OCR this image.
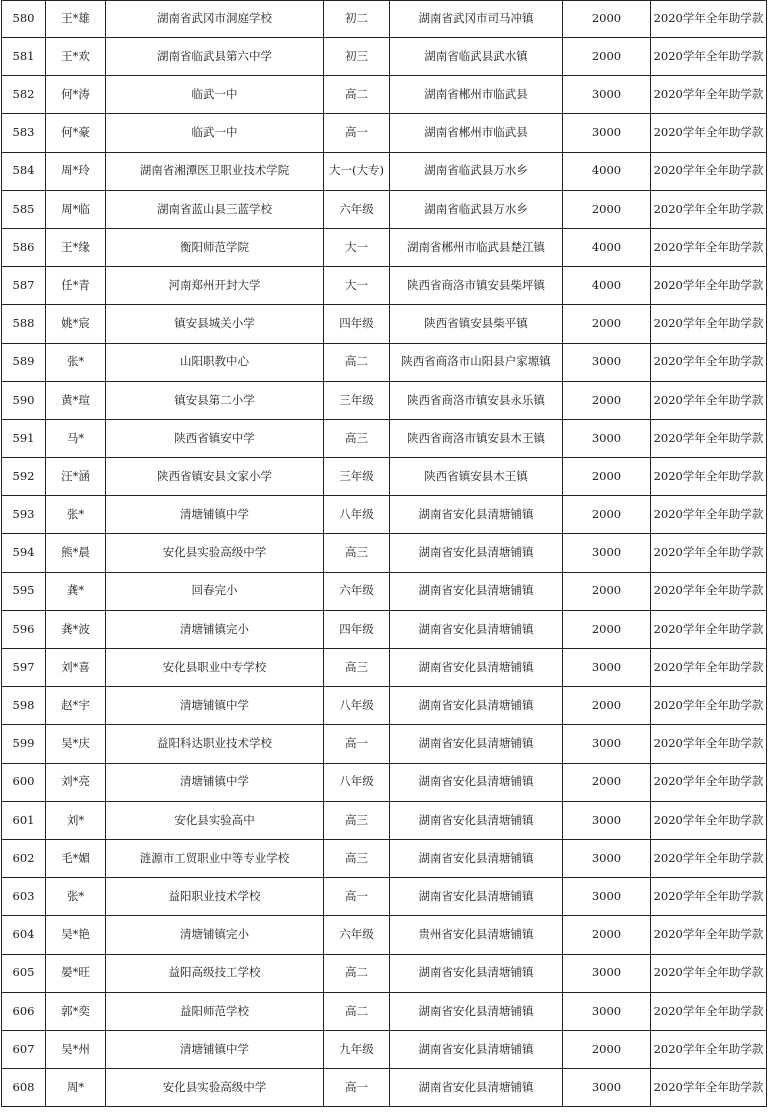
580	王*雄	湖南省武冈市洞庭学校	初二	湖南省武冈市司马冲镇	2000	2020学年全年助学款
581	王*欢	湖南省临武县第六中学	初三	湖南省临武县武水镇	2000	2020学年全年助学款
582	何*涛	临武一中	高二	湖南省郴州市临武县	3000	2020学年全年助学款
583	何*豪	临武一中	高一	湖南省郴州市临武县	3000	2020学年全年助学款
584	周*玲	湖南省湘潭医卫职业技术学院	大一(大专)	湖南省临武县万水乡	4000	2020学年全年助学款
585	周*临	湖南省蓝山县三蓝学校	六年级	湖南省临武县万水乡	2000	2020学年全年助学款
586	王*缘	衡阳师范学院	大一	湖南省郴州市临武县楚江镇	4000	2020学年全年助学款
587	任*青	河南郑州开封大学	大一	陕西省商洛市镇安县柴坪镇	4000	2020学年全年助学款
588	姚*宸	镇安县城关小学	四年级	陕西省镇安县柴平镇	2000	2020学年全年助学款
589	张*	山阳职教中心	高二	陕西省商洛市山阳县户家塬镇	3000	2020学年全年助学款
590	黄*瑄	镇安县第二小学	三年级	陕西省商洛市镇安县永乐镇	2000	2020学年全年助学款
591	马*	陕西省镇安中学	高三	陕西省商洛市镇安县木王镇	3000	2020学年全年助学款
592	汪*涵	陕西省镇安县文家小学	三年级	陕西省镇安县木王镇	2000	2020学年全年助学款
593	张*	清塘铺镇中学	八年级	湖南省安化县清塘铺镇	2000	2020学年全年助学款
594	熊*晨	安化县实验高级中学	高三	湖南省安化县清塘铺镇	3000	2020学年全年助学款
595	龚*	回春完小	六年级	湖南省安化县清塘铺镇	2000	2020学年全年助学款
596	龚*波	清塘铺镇完小	四年级	湖南省安化县清塘铺镇	2000	2020学年全年助学款
597	刘*喜	安化县职业中专学校	高三	湖南省安化县清塘铺镇	3000	2020学年全年助学款
598	赵*宇	清塘铺镇中学	八年级	湖南省安化县清塘铺镇	2000	2020学年全年助学款
599	吴*庆	益阳科达职业技术学校	高一	湖南省安化县清塘铺镇	3000	2020学年全年助学款
600	刘*亮	清塘铺镇中学	八年级	湖南省安化县清塘铺镇	2000	2020学年全年助学款
601	刘*	安化县实验高中	高三	湖南省安化县清塘铺镇	3000	2020学年全年助学款
602	毛*媚	涟源市工贸职业中等专业学校	高三	湖南省安化县清塘铺镇	3000	2020学年全年助学款
603	张*	益阳职业技术学校	高一	湖南省安化县清塘铺镇	3000	2020学年全年助学款
604	吴*艳	清塘铺镇完小	六年级	贵州省安化县清塘铺镇	2000	2020学年全年助学款
605	晏*旺	益阳高级技工学校	高二	湖南省安化县清塘铺镇	3000	2020学年全年助学款
606	郭*奕	益阳师范学校	高二	湖南省安化县清塘铺镇	3000	2020学年全年助学款
607	吴*州	清塘铺镇中学	九年级	湖南省安化县清塘铺镇	2000	2020学年全年助学款
608	周*	安化县实验高级中学	高一	湖南省安化县清塘铺镇	3000	2020学年全年助学款
